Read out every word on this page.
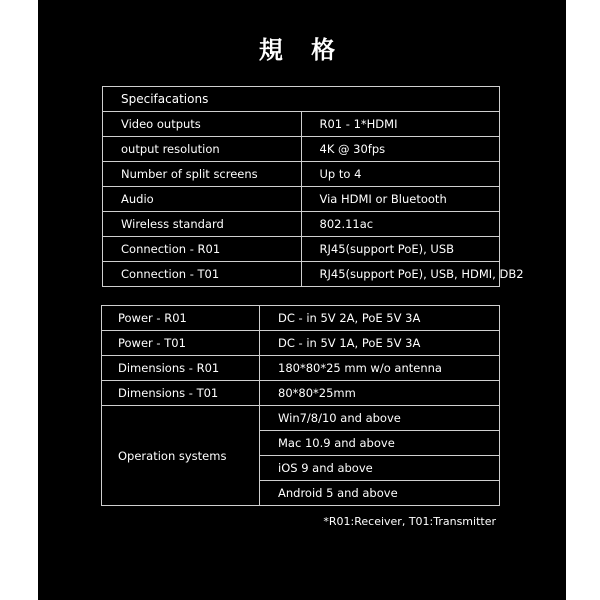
規 格
Specifacations	
Video outputs	R01 - 1*HDMI
output resolution	4K @ 30fps
Number of split screens	Up to 4
Audio	Via HDMI or Bluetooth
Wireless standard	802.11ac
Connection - R01	RJ45(support PoE), USB
Connection - T01	RJ45(support PoE), USB, HDMI, DB2
Power - R01	DC - in 5V 2A, PoE 5V 3A
Power - T01	DC - in 5V 1A, PoE 5V 3A
Dimensions - R01	180*80*25 mm w/o antenna
Dimensions - T01	80*80*25mm
Operation systems	Win7/8/10 and above
	Mac 10.9 and above
	iOS 9 and above
	Android 5 and above
*R01:Receiver, T01:Transmitter
